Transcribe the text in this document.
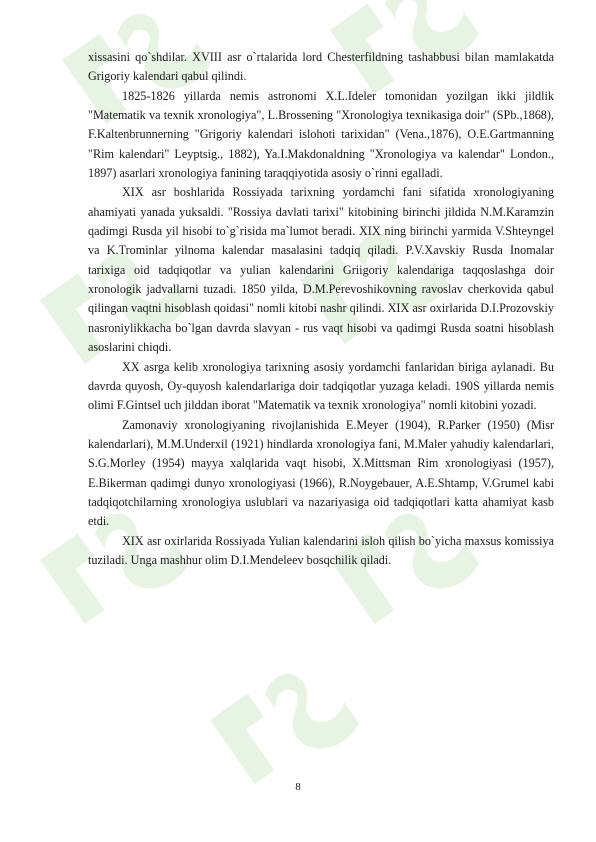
xissasini qo`shdilar. XVIII asr o`rtalarida lord Chesterfildning tashabbusi bilan mamlakatda Grigoriy kalendari qabul qilindi.

1825-1826 yillarda nemis astronomi X.L.Ideler tomonidan yozilgan ikki jildlik "Matematik va texnik xronologiya", L.Brossening "Xronologiya texnikasiga doir" (SPb.,1868), F.Kaltenbrunnerning "Grigoriy kalendari islohoti tarixidan" (Vena.,1876), O.E.Gartmanning "Rim kalendari" Leyptsig., 1882), Ya.I.Makdonaldning "Xronologiya va kalendar" London., 1897) asarlari xronologiya fanining taraqqiyotida asosiy o`rinni egalladi.

XIX asr boshlarida Rossiyada tarixning yordamchi fani sifatida xronologiyaning ahamiyati yanada yuksaldi. "Rossiya davlati tarixi" kitobining birinchi jildida N.M.Karamzin qadimgi Rusda yil hisobi to`g`risida ma`lumot beradi. XIX ning birinchi yarmida V.Shteyngel va K.Trominlar yilnoma kalendar masalasini tadqiq qiladi. P.V.Xavskiy Rusda Inomalar tarixiga oid tadqiqotlar va yulian kalendarini Griigoriy kalendariga taqqoslashga doir xronologik jadvallarni tuzadi. 1850 yilda, D.M.Perevoshikovning ravoslav cherkovida qabul qilingan vaqtni hisoblash qoidasi" nomli kitobi nashr qilindi. XIX asr oxirlarida D.I.Prozovskiy nasroniylikkacha bo`lgan davrda slavyan - rus vaqt hisobi va qadimgi Rusda soatni hisoblash asoslarini chiqdi.

XX asrga kelib xronologiya tarixning asosiy yordamchi fanlaridan biriga aylanadi. Bu davrda quyosh, Oy-quyosh kalendarlariga doir tadqiqotlar yuzaga keladi. 190S yillarda nemis olimi F.Gintsel uch jilddan iborat "Matematik va texnik xronologiya" nomli kitobini yozadi.

Zamonaviy xronologiyaning rivojlanishida E.Meyer (1904), R.Parker (1950) (Misr kalendarlari), M.M.Underxil (1921) hindlarda xronologiya fani, M.Maler yahudiy kalendarlari, S.G.Morley (1954) mayya xalqlarida vaqt hisobi, X.Mittsman Rim xronologiyasi (1957), E.Bikerman qadimgi dunyo xronologiyasi (1966), R.Noygebauer, A.E.Shtamp, V.Grumel kabi tadqiqotchilarning xronologiya uslublari va nazariyasiga oid tadqiqotlari katta ahamiyat kasb etdi.

XIX asr oxirlarida Rossiyada Yulian kalendarini isloh qilish bo`yicha maxsus komissiya tuziladi. Unga mashhur olim D.I.Mendeleev bosqchilik qiladi.

8
